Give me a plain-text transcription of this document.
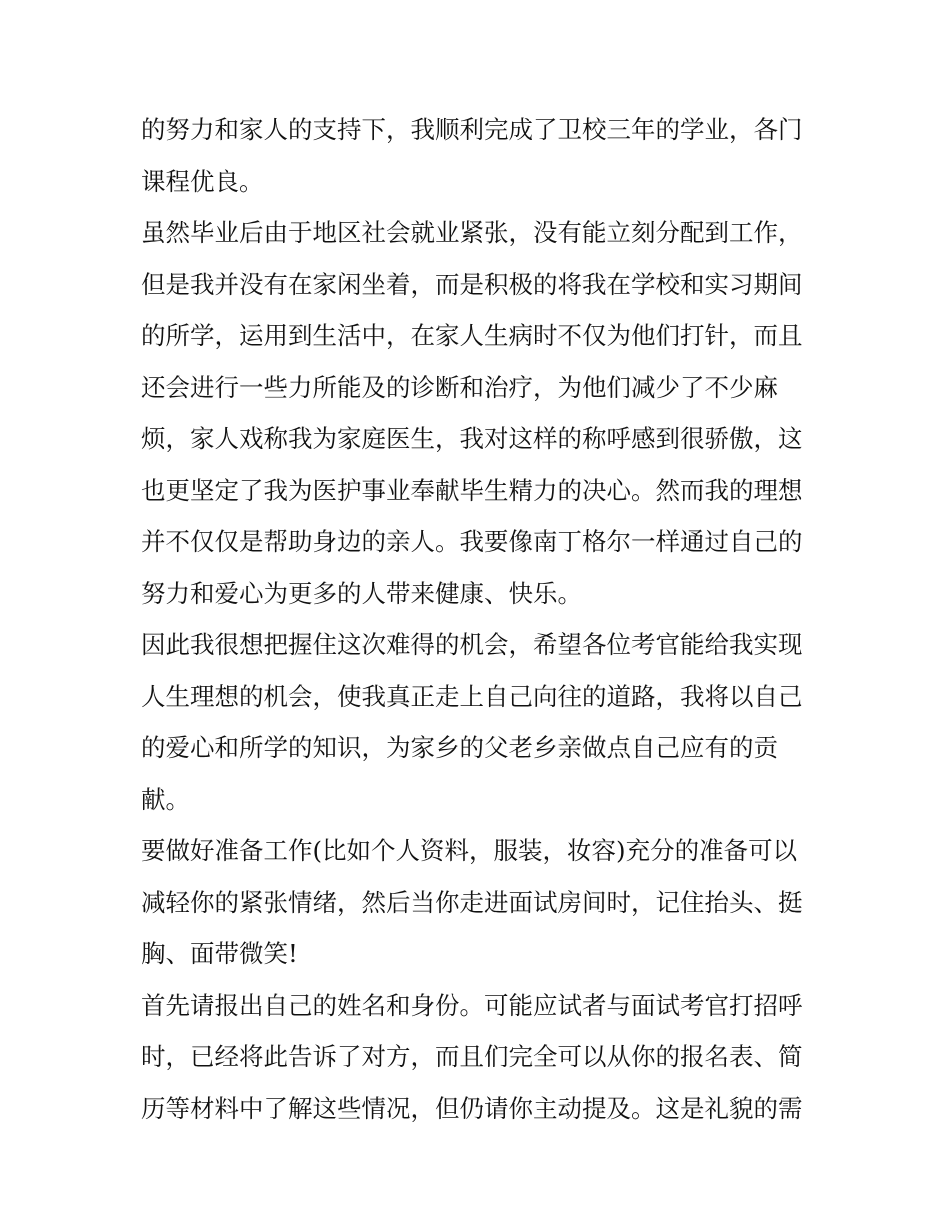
的努力和家人的支持下，我顺利完成了卫校三年的学业，各门
课程优良。
虽然毕业后由于地区社会就业紧张，没有能立刻分配到工作，
但是我并没有在家闲坐着，而是积极的将我在学校和实习期间
的所学，运用到生活中，在家人生病时不仅为他们打针，而且
还会进行一些力所能及的诊断和治疗，为他们减少了不少麻
烦，家人戏称我为家庭医生，我对这样的称呼感到很骄傲，这
也更坚定了我为医护事业奉献毕生精力的决心。然而我的理想
并不仅仅是帮助身边的亲人。我要像南丁格尔一样通过自己的
努力和爱心为更多的人带来健康、快乐。
因此我很想把握住这次难得的机会，希望各位考官能给我实现
人生理想的机会，使我真正走上自己向往的道路，我将以自己
的爱心和所学的知识，为家乡的父老乡亲做点自己应有的贡
献。
要做好准备工作(比如个人资料，服装，妆容)充分的准备可以
减轻你的紧张情绪，然后当你走进面试房间时，记住抬头、挺
胸、面带微笑!
首先请报出自己的姓名和身份。可能应试者与面试考官打招呼
时，已经将此告诉了对方，而且们完全可以从你的报名表、简
历等材料中了解这些情况，但仍请你主动提及。这是礼貌的需
